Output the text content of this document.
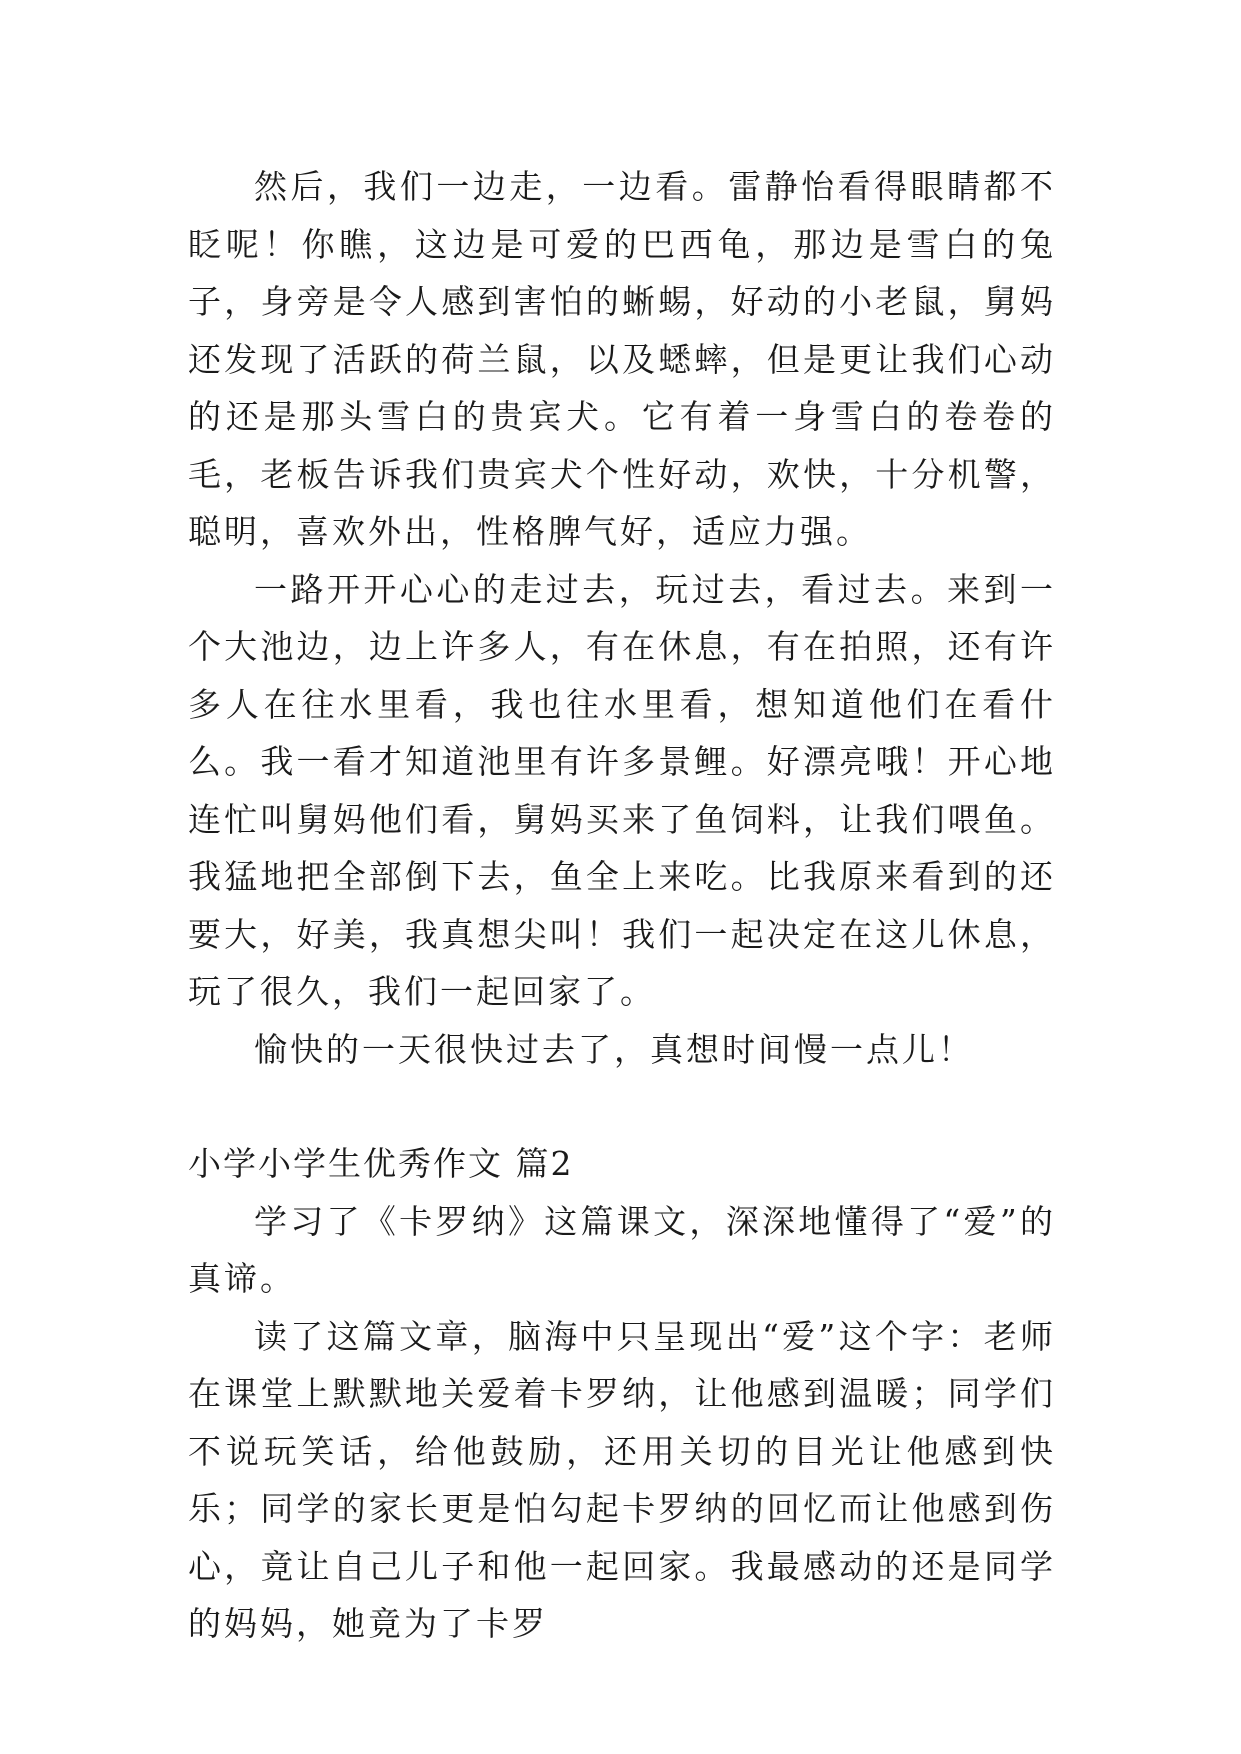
然后，我们一边走，一边看。雷静怡看得眼睛都不眨呢！你瞧，这边是可爱的巴西龟，那边是雪白的兔子，身旁是令人感到害怕的蜥蜴，好动的小老鼠，舅妈还发现了活跃的荷兰鼠，以及蟋蟀，但是更让我们心动的还是那头雪白的贵宾犬。它有着一身雪白的卷卷的毛，老板告诉我们贵宾犬个性好动，欢快，十分机警，聪明，喜欢外出，性格脾气好，适应力强。

一路开开心心的走过去，玩过去，看过去。来到一个大池边，边上许多人，有在休息，有在拍照，还有许多人在往水里看，我也往水里看，想知道他们在看什么。我一看才知道池里有许多景鲤。好漂亮哦！开心地连忙叫舅妈他们看，舅妈买来了鱼饲料，让我们喂鱼。我猛地把全部倒下去，鱼全上来吃。比我原来看到的还要大，好美，我真想尖叫！我们一起决定在这儿休息，玩了很久，我们一起回家了。

愉快的一天很快过去了，真想时间慢一点儿！

小学小学生优秀作文 篇2

学习了《卡罗纳》这篇课文，深深地懂得了“爱”的真谛。

读了这篇文章，脑海中只呈现出“爱”这个字：老师在课堂上默默地关爱着卡罗纳，让他感到温暖；同学们不说玩笑话，给他鼓励，还用关切的目光让他感到快乐；同学的家长更是怕勾起卡罗纳的回忆而让他感到伤心，竟让自己儿子和他一起回家。我最感动的还是同学的妈妈，她竟为了卡罗
